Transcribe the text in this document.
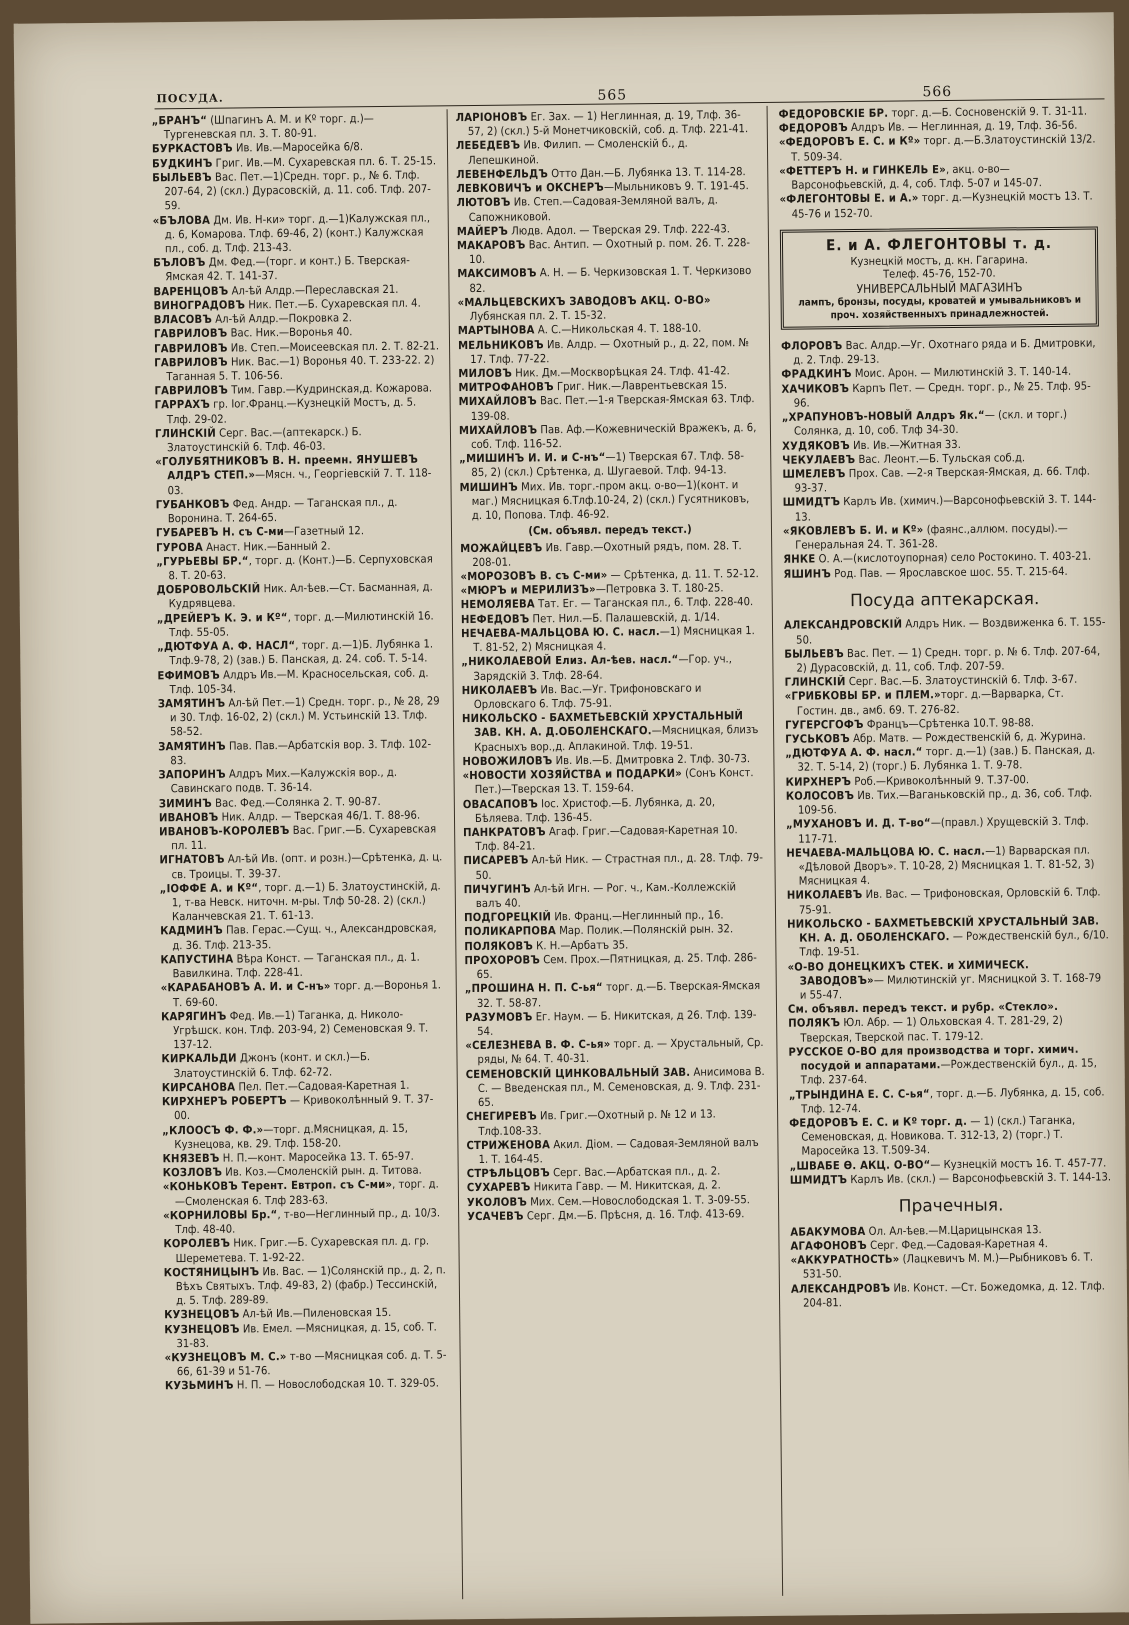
ПОСУДА.	565	566
„БРАНЪ“ (Шпагинъ А. М. и Кº торг. д.)—Тургеневская пл. 3. Т. 80-91.
БУРКАСТОВЪ Ив. Ив.—Маросейка 6/8.
БУДКИНЪ Григ. Ив.—М. Сухаревская пл. 6. Т. 25-15.
БЫЛЬЕВЪ Вас. Пет.—1)Средн. торг. р., № 6. Тлф. 207-64, 2) (скл.) Дурасовскій, д. 11. соб. Тлф. 207-59.
«БЪЛОВА Дм. Ив. Н-ки» торг. д.—1)Калужская пл., д. 6, Комарова. Тлф. 69-46, 2) (конт.) Калужская пл., соб. д. Тлф. 213-43.
БЪЛОВЪ Дм. Фед.—(торг. и конт.) Б. Тверская-Ямская 42. Т. 141-37.
ВАРЕНЦОВЪ Ал-ѣй Алдр.—Переславская 21.
ВИНОГРАДОВЪ Ник. Пет.—Б. Сухаревская пл. 4.
ВЛАСОВЪ Ал-ѣй Алдр.—Покровка 2.
ГАВРИЛОВЪ Вас. Ник.—Воронья 40.
ГАВРИЛОВЪ Ив. Степ.—Моисеевская пл. 2. Т. 82-21.
ГАВРИЛОВЪ Ник. Вас.—1) Воронья 40. Т. 233-22. 2) Таганная 5. Т. 106-56.
ГАВРИЛОВЪ Тим. Гавр.—Кудринская,д. Кожарова.
ГАРРАХЪ гр. Іог.Франц.—Кузнецкій Мостъ, д. 5. Тлф. 29-02.
ГЛИНСКІЙ Серг. Вас.—(аптекарск.) Б. Златоустинскій 6. Тлф. 46-03.
«ГОЛУБЯТНИКОВЪ В. Н. преемн. ЯНУШЕВЪ АЛДРЪ СТЕП.»—Мясн. ч., Георгіевскій 7. Т. 118-03.
ГУБАНКОВЪ Фед. Андр. — Таганская пл., д. Воронина. Т. 264-65.
ГУБАРЕВЪ Н. съ С-ми—Газетный 12.
ГУРОВА Анаст. Ник.—Банный 2.
„ГУРЬЕВЫ БР.“, торг. д. (Конт.)—Б. Серпуховская 8. Т. 20-63.
ДОБРОВОЛЬСКІЙ Ник. Ал-ѣев.—Ст. Басманная, д. Кудрявцева.
„ДРЕЙЕРЪ К. Э. и Кº“, торг. д.—Милютинскій 16. Тлф. 55-05.
„ДЮТФУА А. Ф. НАСЛ“, торг. д.—1)Б. Лубянка 1. Тлф.9-78, 2) (зав.) Б. Панская, д. 24. соб. Т. 5-14.
ЕФИМОВЪ Алдръ Ив.—М. Красносельская, соб. д. Тлф. 105-34.
ЗАМЯТИНЪ Ал-ѣй Пет.—1) Средн. торг. р., № 28, 29 и 30. Тлф. 16-02, 2) (скл.) М. Устьинскій 13. Тлф. 58-52.
ЗАМЯТИНЪ Пав. Пав.—Арбатскія вор. 3. Тлф. 102-83.
ЗАПОРИНЪ Алдръ Мих.—Калужскія вор., д. Савинскаго подв. Т. 36-14.
ЗИМИНЪ Вас. Фед.—Солянка 2. Т. 90-87.
ИВАНОВЪ Ник. Алдр. — Тверская 46/1. Т. 88-96.
ИВАНОВЪ-КОРОЛЕВЪ Вас. Григ.—Б. Сухаревская пл. 11.
ИГНАТОВЪ Ал-ѣй Ив. (опт. и розн.)—Срѣтенка, д. ц. св. Троицы. Т. 39-37.
„ІОФФЕ А. и Кº“, торг. д.—1) Б. Златоустинскій, д. 1, т-ва Невск. ниточн. м-ры. Тлф 50-28. 2) (скл.) Каланчевская 21. Т. 61-13.
КАДМИНЪ Пав. Герас.—Сущ. ч., Александровская, д. 36. Тлф. 213-35.
КАПУСТИНА Вѣра Конст. — Таганская пл., д. 1. Вавилкина. Тлф. 228-41.
«КАРАБАНОВЪ А. И. и С-нъ» торг. д.—Воронья 1. Т. 69-60.
КАРЯГИНЪ Фед. Ив.—1) Таганка, д. Николо-Угрѣшск. кон. Тлф. 203-94, 2) Семеновская 9. Т. 137-12.
КИРКАЛЬДИ Джонъ (конт. и скл.)—Б. Златоустинскій 6. Тлф. 62-72.
КИРСАНОВА Пел. Пет.—Садовая-Каретная 1.
КИРХНЕРЪ РОБЕРТЪ — Кривоколѣнный 9. Т. 37-00.
„КЛООСЪ Ф. Ф.»—торг. д.Мясницкая, д. 15, Кузнецова, кв. 29. Тлф. 158-20.
КНЯЗЕВЪ Н. П.—конт. Маросейка 13. Т. 65-97.
КОЗЛОВЪ Ив. Коз.—Смоленскій рын. д. Титова.
«КОНЬКОВЪ Терент. Евтроп. съ С-ми», торг. д.—Смоленская 6. Тлф 283-63.
«КОРНИЛОВЫ Бр.“, т-во—Неглинный пр., д. 10/3. Тлф. 48-40.
КОРОЛЕВЪ Ник. Григ.—Б. Сухаревская пл. д. гр. Шереметева. Т. 1-92-22.
КОСТЯНИЦЫНЪ Ив. Вас. — 1)Солянскій пр., д. 2, п. Вѣхъ Святыхъ. Тлф. 49-83, 2) (фабр.) Тессинскій, д. 5. Тлф. 289-89.
КУЗНЕЦОВЪ Ал-ѣй Ив.—Пиленовская 15.
КУЗНЕЦОВЪ Ив. Емел. —Мясницкая, д. 15, соб. Т. 31-83.
«КУЗНЕЦОВЪ М. С.» т-во —Мясницкая соб. д. Т. 5-66, 61-39 и 51-76.
КУЗЬМИНЪ Н. П. — Новослободская 10. Т. 329-05.
ЛАРІОНОВЪ Ег. Зах. — 1) Неглинная, д. 19, Тлф. 36-57, 2) (скл.) 5-й Монетчиковскій, соб. д. Тлф. 221-41.
ЛЕБЕДЕВЪ Ив. Филип. — Смоленскій б., д. Лепешкиной.
ЛЕВЕНФЕЛЬДЪ Отто Дан.—Б. Лубянка 13. Т. 114-28.
ЛЕВКОВИЧЪ и ОКСНЕРЪ—Мыльниковъ 9. Т. 191-45.
ЛЮТОВЪ Ив. Степ.—Садовая-Земляной валъ, д. Сапожниковой.
МАЙЕРЪ Людв. Адол. — Тверская 29. Тлф. 222-43.
МАКАРОВЪ Вас. Антип. — Охотный р. пом. 26. Т. 228-10.
МАКСИМОВЪ А. Н. — Б. Черкизовская 1. Т. Черкизово 82.
«МАЛЬЦЕВСКИХЪ ЗАВОДОВЪ АКЦ. О-ВО» Лубянская пл. 2. Т. 15-32.
МАРТЫНОВА А. С.—Никольская 4. Т. 188-10.
МЕЛЬНИКОВЪ Ив. Алдр. — Охотный р., д. 22, пом. № 17. Тлф. 77-22.
МИЛОВЪ Ник. Дм.—Москворѣцкая 24. Тлф. 41-42.
МИТРОФАНОВЪ Григ. Ник.—Лаврентьевская 15.
МИХАЙЛОВЪ Вас. Пет.—1-я Тверская-Ямская 63. Тлф. 139-08.
МИХАЙЛОВЪ Пав. Аф.—Кожевническій Вражекъ, д. 6, соб. Тлф. 116-52.
„МИШИНЪ И. И. и С-нъ“—1) Тверская 67. Тлф. 58-85, 2) (скл.) Срѣтенка, д. Шугаевой. Тлф. 94-13.
МИШИНЪ Мих. Ив. торг.-пром акц. о-во—1)(конт. и маг.) Мясницкая 6.Тлф.10-24, 2) (скл.) Гусятниковъ, д. 10, Попова. Тлф. 46-92.
(См. объявл. передъ текст.)
МОЖАЙЦЕВЪ Ив. Гавр.—Охотный рядъ, пом. 28. Т. 208-01.
«МОРОЗОВЪ В. съ С-ми» — Срѣтенка, д. 11. Т. 52-12.
«МЮРЪ и МЕРИЛИЗЪ»—Петровка 3. Т. 180-25.
НЕМОЛЯЕВА Тат. Ег. — Таганская пл., 6. Тлф. 228-40.
НЕФЕДОВЪ Пет. Нил.—Б. Палашевскій, д. 1/14.
НЕЧАЕВА-МАЛЬЦОВА Ю. С. насл.—1) Мясницкая 1. Т. 81-52, 2) Мясницкая 4.
„НИКОЛАЕВОЙ Елиз. Ал-ѣев. насл.“—Гор. уч., Зарядскій 3. Тлф. 28-64.
НИКОЛАЕВЪ Ив. Вас.—Уг. Трифоновскаго и Орловскаго 6. Тлф. 75-91.
НИКОЛЬСКО - БАХМЕТЬЕВСКІЙ ХРУСТАЛЬНЫЙ ЗАВ. КН. А. Д.ОБОЛЕНСКАГО.—Мясницкая, близъ Красныхъ вор.,д. Аплакиной. Тлф. 19-51.
НОВОЖИЛОВЪ Ив. Ив.—Б. Дмитровка 2. Тлф. 30-73.
«НОВОСТИ ХОЗЯЙСТВА и ПОДАРКИ» (Сонъ Конст. Пет.)—Тверская 13. Т. 159-64.
ОВАСАПОВЪ Іос. Христоф.—Б. Лубянка, д. 20, Бѣляева. Тлф. 136-45.
ПАНКРАТОВЪ Агаф. Григ.—Садовая-Каретная 10. Тлф. 84-21.
ПИСАРЕВЪ Ал-ѣй Ник. — Страстная пл., д. 28. Тлф. 79-50.
ПИЧУГИНЪ Ал-ѣй Игн. — Рог. ч., Кам.-Коллежскій валъ 40.
ПОДГОРЕЦКІЙ Ив. Франц.—Неглинный пр., 16.
ПОЛИКАРПОВА Мар. Полик.—Полянскій рын. 32.
ПОЛЯКОВЪ К. Н.—Арбатъ 35.
ПРОХОРОВЪ Сем. Прох.—Пятницкая, д. 25. Тлф. 286-65.
„ПРОШИНА Н. П. С-ья“ торг. д.—Б. Тверская-Ямская 32. Т. 58-87.
РАЗУМОВЪ Ег. Наум. — Б. Никитская, д 26. Тлф. 139-54.
«СЕЛЕЗНЕВА В. Ф. С-ья» торг. д. — Хрустальный, Ср. ряды, № 64. Т. 40-31.
СЕМЕНОВСКІЙ ЦИНКОВАЛЬНЫЙ ЗАВ. Анисимова В. С. — Введенская пл., М. Семеновская, д. 9. Тлф. 231-65.
СНЕГИРЕВЪ Ив. Григ.—Охотный р. № 12 и 13. Тлф.108-33.
СТРИЖЕНОВА Акил. Діом. — Садовая-Земляной валъ 1. Т. 164-45.
СТРѢЛЬЦОВЪ Серг. Вас.—Арбатская пл., д. 2.
СУХАРЕВЪ Никита Гавр. — М. Никитская, д. 2.
УКОЛОВЪ Мих. Сем.—Новослободская 1. Т. 3-09-55.
УСАЧЕВЪ Серг. Дм.—Б. Прѣсня, д. 16. Тлф. 413-69.
ФЕДОРОВСКІЕ БР. торг. д.—Б. Сосновенскій 9. Т. 31-11.
ФЕДОРОВЪ Алдръ Ив. — Неглинная, д. 19, Тлф. 36-56.
«ФЕДОРОВЪ Е. С. и Кº» торг. д.—Б.Златоустинскій 13/2. Т. 509-34.
«ФЕТТЕРЪ Н. и ГИНКЕЛЬ Е», акц. о-во—Варсонофьевскій, д. 4, соб. Тлф. 5-07 и 145-07.
«ФЛЕГОНТОВЫ Е. и А.» торг. д.—Кузнецкій мостъ 13. Т. 45-76 и 152-70.
Е. и А. ФЛЕГОНТОВЫ т. д.
Кузнецкій мостъ, д. кн. Гагарина.
Телеф. 45-76, 152-70.
УНИВЕРСАЛЬНЫЙ МАГАЗИНЪ
лампъ, бронзы, посуды, кроватей и умывальниковъ и проч. хозяйственныхъ принадлежностей.
ФЛОРОВЪ Вас. Алдр.—Уг. Охотнаго ряда и Б. Дмитровки, д. 2. Тлф. 29-13.
ФРАДКИНЪ Моис. Арон. — Милютинскій 3. Т. 140-14.
ХАЧИКОВЪ Карпъ Пет. — Средн. торг. р., № 25. Тлф. 95-96.
„ХРАПУНОВЪ-НОВЫЙ Алдръ Як.“— (скл. и торг.) Солянка, д. 10, соб. Тлф 34-30.
ХУДЯКОВЪ Ив. Ив.—Житная 33.
ЧЕКУЛАЕВЪ Вас. Леонт.—Б. Тульская соб.д.
ШМЕЛЕВЪ Прох. Сав. —2-я Тверская-Ямская, д. 66. Тлф. 93-37.
ШМИДТЪ Карлъ Ив. (химич.)—Варсонофьевскій 3. Т. 144-13.
«ЯКОВЛЕВЪ Б. И. и Кº» (фаянс.,аллюм. посуды).—Генеральная 24. Т. 361-28.
ЯНКЕ О. А.—(кислотоупорная) село Ростокино. Т. 403-21.
ЯШИНЪ Род. Пав. — Ярославское шос. 55. Т. 215-64.
Посуда аптекарская.
АЛЕКСАНДРОВСКІЙ Алдръ Ник. — Воздвиженка 6. Т. 155-50.
БЫЛЬЕВЪ Вас. Пет. — 1) Средн. торг. р. № 6. Тлф. 207-64, 2) Дурасовскій, д. 11, соб. Тлф. 207-59.
ГЛИНСКІЙ Серг. Вас.—Б. Златоустинскій 6. Тлф. 3-67.
«ГРИБКОВЫ БР. и ПЛЕМ.»торг. д.—Варварка, Ст. Гостин. дв., амб. 69. Т. 276-82.
ГУГЕРСГОФЪ Францъ—Срѣтенка 10.Т. 98-88.
ГУСЬКОВЪ Абр. Матв. — Рождественскій 6, д. Журина.
„ДЮТФУА А. Ф. насл.“ торг. д.—1) (зав.) Б. Панская, д. 32. Т. 5-14, 2) (торг.) Б. Лубянка 1. Т. 9-78.
КИРХНЕРЪ Роб.—Кривоколѣнный 9. Т.37-00.
КОЛОСОВЪ Ив. Тих.—Ваганьковскій пр., д. 36, соб. Тлф. 109-56.
„МУХАНОВЪ И. Д. Т-во“—(правл.) Хрущевскій 3. Тлф. 117-71.
НЕЧАЕВА-МАЛЬЦОВА Ю. С. насл.—1) Варварская пл. «Дѣловой Дворъ». Т. 10-28, 2) Мясницкая 1. Т. 81-52, 3) Мясницкая 4.
НИКОЛАЕВЪ Ив. Вас. — Трифоновская, Орловскій 6. Тлф. 75-91.
НИКОЛЬСКО - БАХМЕТЬЕВСКІЙ ХРУСТАЛЬНЫЙ ЗАВ. КН. А. Д. ОБОЛЕНСКАГО. — Рождественскій бул., 6/10. Тлф. 19-51.
«О-ВО ДОНЕЦКИХЪ СТЕК. и ХИМИЧЕСК. ЗАВОДОВЪ»— Милютинскій уг. Мясницкой 3. Т. 168-79 и 55-47.
См. объявл. передъ текст. и рубр. «Стекло».
ПОЛЯКЪ Юл. Абр. — 1) Ольховская 4. Т. 281-29, 2) Тверская, Тверской пас. Т. 179-12.
РУССКОЕ О-ВО для производства и торг. химич. посудой и аппаратами.—Рождественскій бул., д. 15, Тлф. 237-64.
„ТРЫНДИНА Е. С. С-ья“, торг. д.—Б. Лубянка, д. 15, соб. Тлф. 12-74.
ФЕДОРОВЪ Е. С. и Кº торг. д. — 1) (скл.) Таганка, Семеновская, д. Новикова. Т. 312-13, 2) (торг.) Т. Маросейка 13. Т.509-34.
„ШВАБЕ Ө. АКЦ. О-ВО“— Кузнецкій мостъ 16. Т. 457-77.
ШМИДТЪ Карлъ Ив. (скл.) — Варсонофьевскій 3. Т. 144-13.
Прачечныя.
АБАКУМОВА Ол. Ал-ѣев.—М.Царицынская 13.
АГАФОНОВЪ Серг. Фед.—Садовая-Каретная 4.
«АККУРАТНОСТЬ» (Лацкевичъ М. М.)—Рыбниковъ 6. Т. 531-50.
АЛЕКСАНДРОВЪ Ив. Конст. —Ст. Божедомка, д. 12. Тлф. 204-81.
